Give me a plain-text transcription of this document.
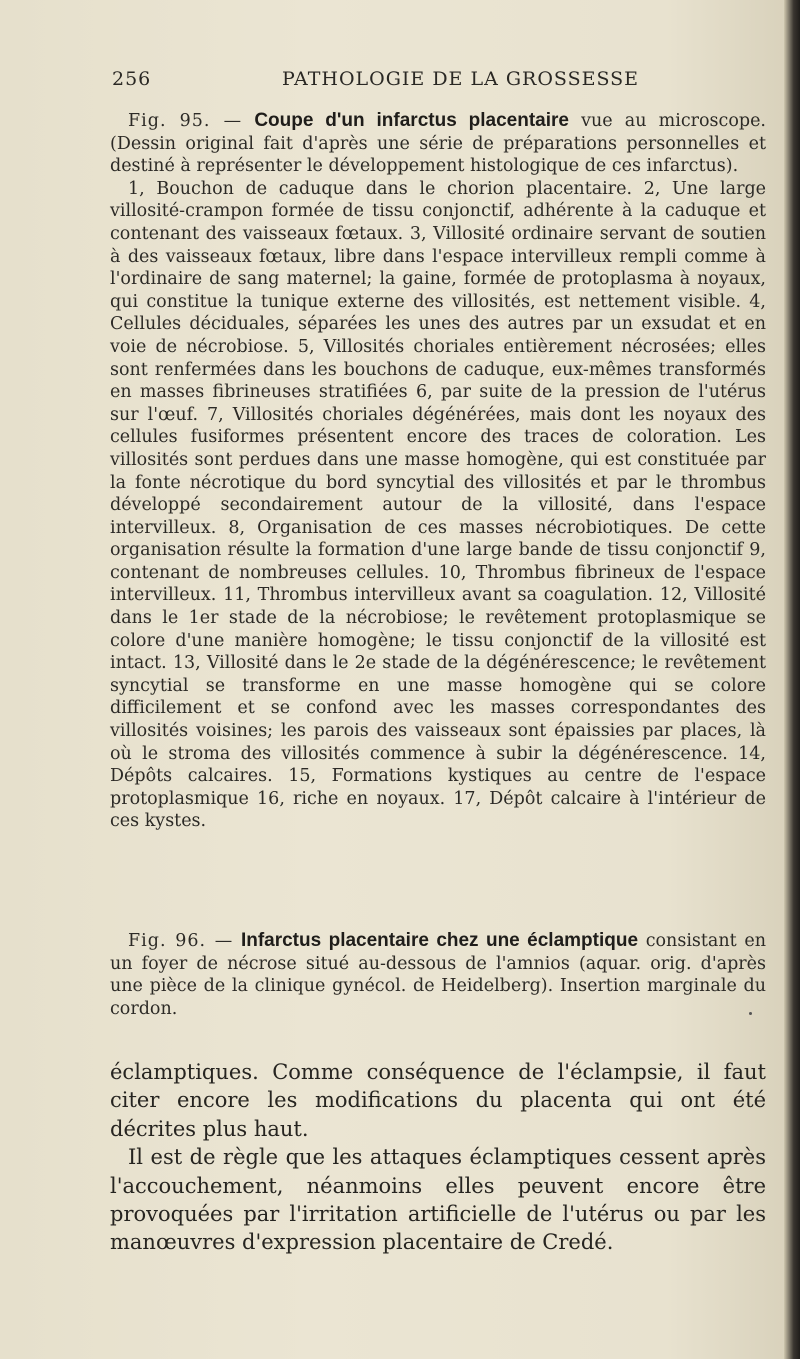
256	PATHOLOGIE DE LA GROSSESSE
Fig. 95. — Coupe d'un infarctus placentaire vue au microscope. (Dessin original fait d'après une série de préparations personnelles et destiné à représenter le développement histologique de ces infarctus).
1, Bouchon de caduque dans le chorion placentaire. 2, Une large villosité-crampon formée de tissu conjonctif, adhérente à la caduque et contenant des vaisseaux fœtaux. 3, Villosité ordinaire servant de soutien à des vaisseaux fœtaux, libre dans l'espace intervilleux rempli comme à l'ordinaire de sang maternel; la gaine, formée de protoplasma à noyaux, qui constitue la tunique externe des villosités, est nettement visible. 4, Cellules déciduales, séparées les unes des autres par un exsudat et en voie de nécrobiose. 5, Villosités choriales entièrement nécrosées; elles sont renfermées dans les bouchons de caduque, eux-mêmes transformés en masses fibrineuses stratifiées 6, par suite de la pression de l'utérus sur l'œuf. 7, Villosités choriales dégénérées, mais dont les noyaux des cellules fusiformes présentent encore des traces de coloration. Les villosités sont perdues dans une masse homogène, qui est constituée par la fonte nécrotique du bord syncytial des villosités et par le thrombus développé secondairement autour de la villosité, dans l'espace intervilleux. 8, Organisation de ces masses nécrobiotiques. De cette organisation résulte la formation d'une large bande de tissu conjonctif 9, contenant de nombreuses cellules. 10, Thrombus fibrineux de l'espace intervilleux. 11, Thrombus intervilleux avant sa coagulation. 12, Villosité dans le 1er stade de la nécrobiose; le revêtement protoplasmique se colore d'une manière homogène; le tissu conjonctif de la villosité est intact. 13, Villosité dans le 2e stade de la dégénérescence; le revêtement syncytial se transforme en une masse homogène qui se colore difficilement et se confond avec les masses correspondantes des villosités voisines; les parois des vaisseaux sont épaissies par places, là où le stroma des villosités commence à subir la dégénérescence. 14, Dépôts calcaires. 15, Formations kystiques au centre de l'espace protoplasmique 16, riche en noyaux. 17, Dépôt calcaire à l'intérieur de ces kystes.
Fig. 96. — Infarctus placentaire chez une éclamptique consistant en un foyer de nécrose situé au-dessous de l'amnios (aquar. orig. d'après une pièce de la clinique gynécol. de Heidelberg). Insertion marginale du cordon.

éclamptiques. Comme conséquence de l'éclampsie, il faut citer encore les modifications du placenta qui ont été décrites plus haut.

Il est de règle que les attaques éclamptiques cessent après l'accouchement, néanmoins elles peuvent encore être provoquées par l'irritation artificielle de l'utérus ou par les manœuvres d'expression placentaire de Credé.
